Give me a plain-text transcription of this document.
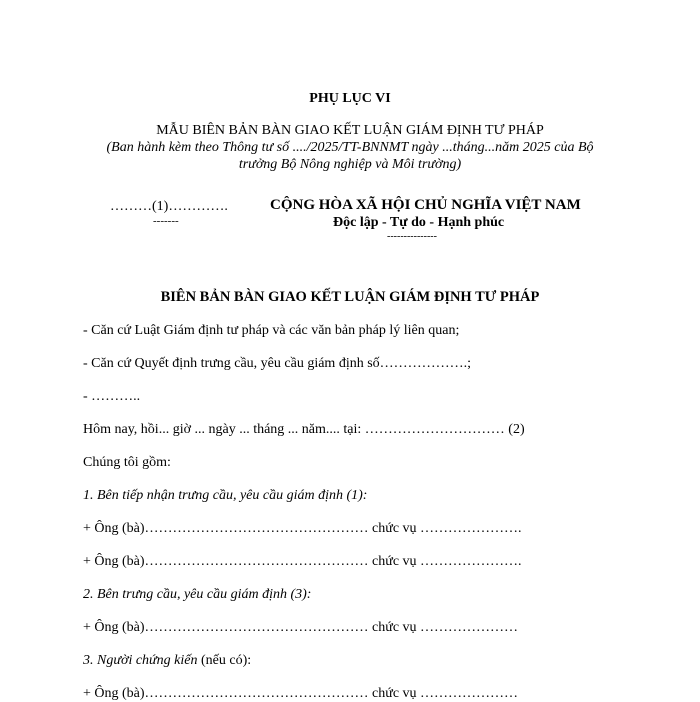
PHỤ LỤC VI
MẪU BIÊN BẢN BÀN GIAO KẾT LUẬN GIÁM ĐỊNH TƯ PHÁP
(Ban hành kèm theo Thông tư số ..../2025/TT-BNNMT ngày ...tháng...năm 2025 của Bộ
trưởng Bộ Nông nghiệp và Môi trường)
………(1)………….
-------
CỘNG HÒA XÃ HỘI CHỦ NGHĨA VIỆT NAM
Độc lập - Tự do - Hạnh phúc
---------------
BIÊN BẢN BÀN GIAO KẾT LUẬN GIÁM ĐỊNH TƯ PHÁP
- Căn cứ Luật Giám định tư pháp và các văn bản pháp lý liên quan;
- Căn cứ Quyết định trưng cầu, yêu cầu giám định số……………….;
- ………..
Hôm nay, hồi... giờ ... ngày ... tháng ... năm.... tại: ………………………… (2)
Chúng tôi gồm:
1. Bên tiếp nhận trưng cầu, yêu cầu giám định (1):
+ Ông (bà)………………………………………… chức vụ ………………….
+ Ông (bà)………………………………………… chức vụ ………………….
2. Bên trưng cầu, yêu cầu giám định (3):
+ Ông (bà)………………………………………… chức vụ …………………
3. Người chứng kiến (nếu có):
+ Ông (bà)………………………………………… chức vụ …………………
